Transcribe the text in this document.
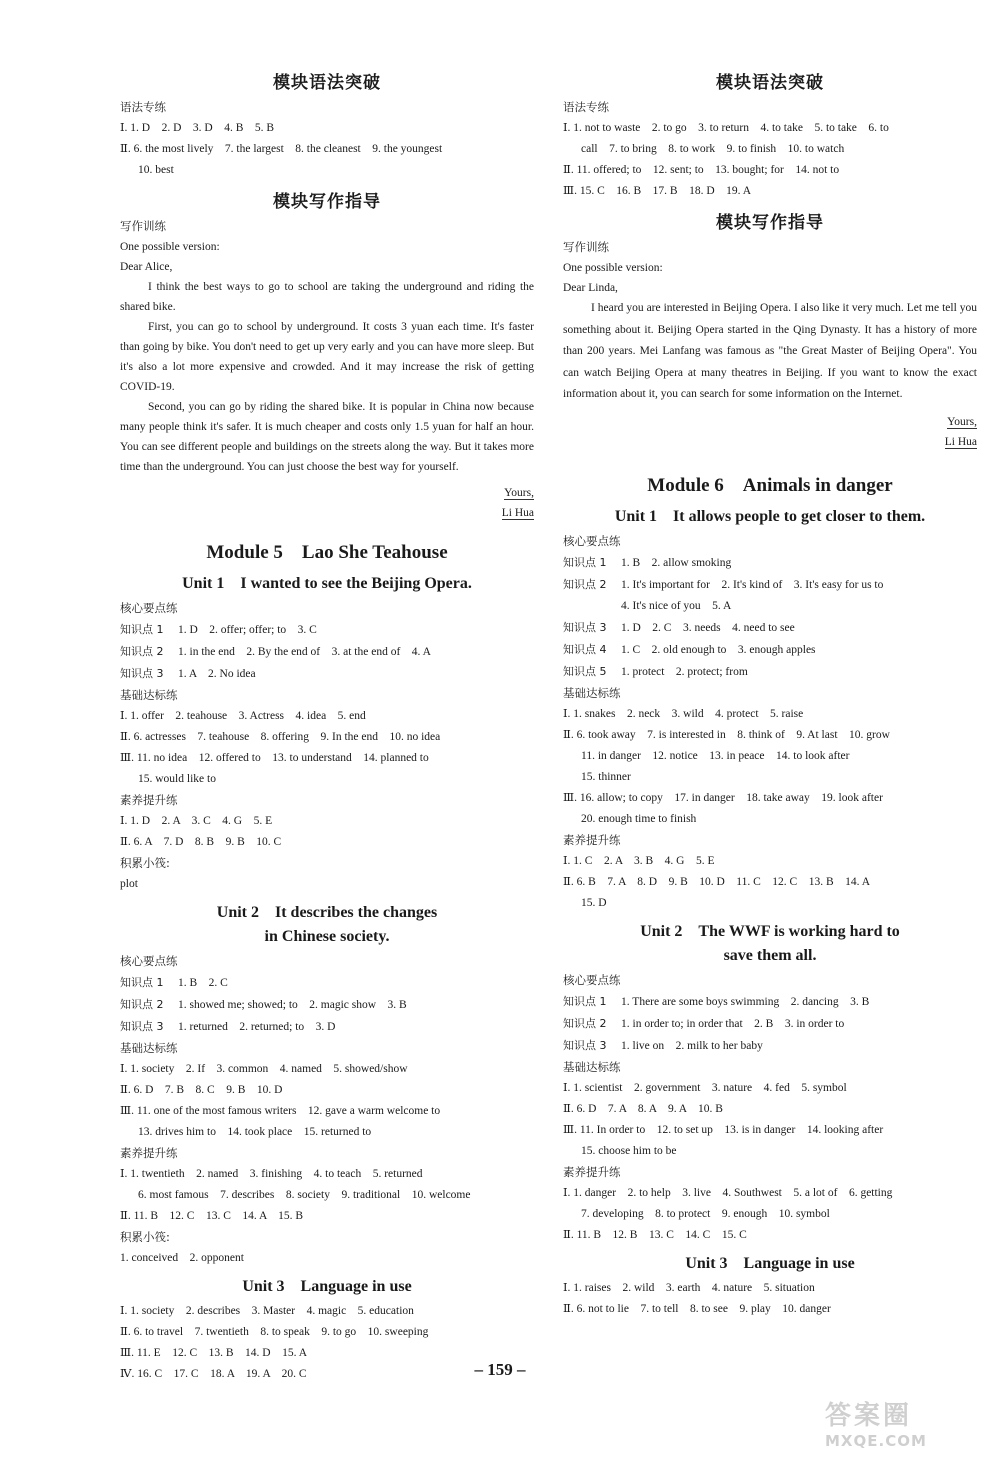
模块语法突破
语法专练
Ⅰ. 1. D　2. D　3. D　4. B　5. B
Ⅱ. 6. the most lively　7. the largest　8. the cleanest　9. the youngest
10. best
模块写作指导
写作训练

One possible version:

Dear Alice,

I think the best ways to go to school are taking the underground and riding the shared bike.

First, you can go to school by underground. It costs 3 yuan each time. It's faster than going by bike. You don't need to get up very early and you can have more sleep. But it's also a lot more expensive and crowded. And it may increase the risk of getting COVID-19.

Second, you can go by riding the shared bike. It is popular in China now because many people think it's safer. It is much cheaper and costs only 1.5 yuan for half an hour. You can see different people and buildings on the streets along the way. But it takes more time than the underground. You can just choose the best way for yourself.

Yours,
Li Hua
Module 5　Lao She Teahouse
Unit 1　I wanted to see the Beijing Opera.
核心要点练
知识点 1 1. D　2. offer; offer; to　3. C
知识点 2 1. in the end　2. By the end of　3. at the end of　4. A
知识点 3 1. A　2. No idea
基础达标练
Ⅰ. 1. offer　2. teahouse　3. Actress　4. idea　5. end
Ⅱ. 6. actresses　7. teahouse　8. offering　9. In the end　10. no idea
Ⅲ. 11. no idea　12. offered to　13. to understand　14. planned to
15. would like to
素养提升练
Ⅰ. 1. D　2. A　3. C　4. G　5. E
Ⅱ. 6. A　7. D　8. B　9. B　10. C
积累小筏:
plot
Unit 2　It describes the changes
in Chinese society.
核心要点练
知识点 1 1. B　2. C
知识点 2 1. showed me; showed; to　2. magic show　3. B
知识点 3 1. returned　2. returned; to　3. D
基础达标练
Ⅰ. 1. society　2. If　3. common　4. named　5. showed/show
Ⅱ. 6. D　7. B　8. C　9. B　10. D
Ⅲ. 11. one of the most famous writers　12. gave a warm welcome to
13. drives him to　14. took place　15. returned to
素养提升练
Ⅰ. 1. twentieth　2. named　3. finishing　4. to teach　5. returned
6. most famous　7. describes　8. society　9. traditional　10. welcome
Ⅱ. 11. B　12. C　13. C　14. A　15. B
积累小筏:
1. conceived　2. opponent
Unit 3　Language in use
Ⅰ. 1. society　2. describes　3. Master　4. magic　5. education
Ⅱ. 6. to travel　7. twentieth　8. to speak　9. to go　10. sweeping
Ⅲ. 11. E　12. C　13. B　14. D　15. A
Ⅳ. 16. C　17. C　18. A　19. A　20. C
模块语法突破
语法专练
Ⅰ. 1. not to waste　2. to go　3. to return　4. to take　5. to take　6. to
call　7. to bring　8. to work　9. to finish　10. to watch
Ⅱ. 11. offered; to　12. sent; to　13. bought; for　14. not to
Ⅲ. 15. C　16. B　17. B　18. D　19. A
模块写作指导
写作训练

One possible version:

Dear Linda,

I heard you are interested in Beijing Opera. I also like it very much. Let me tell you something about it. Beijing Opera started in the Qing Dynasty. It has a history of more than 200 years. Mei Lanfang was famous as "the Great Master of Beijing Opera". You can watch Beijing Opera at many theatres in Beijing. If you want to know the exact information about it, you can search for some information on the Internet.

Yours,
Li Hua
Module 6　Animals in danger
Unit 1　It allows people to get closer to them.
核心要点练
知识点 1 1. B　2. allow smoking
知识点 2 1. It's important for　2. It's kind of　3. It's easy for us to
4. It's nice of you　5. A
知识点 3 1. D　2. C　3. needs　4. need to see
知识点 4 1. C　2. old enough to　3. enough apples
知识点 5 1. protect　2. protect; from
基础达标练
Ⅰ. 1. snakes　2. neck　3. wild　4. protect　5. raise
Ⅱ. 6. took away　7. is interested in　8. think of　9. At last　10. grow
11. in danger　12. notice　13. in peace　14. to look after
15. thinner
Ⅲ. 16. allow; to copy　17. in danger　18. take away　19. look after
20. enough time to finish
素养提升练
Ⅰ. 1. C　2. A　3. B　4. G　5. E
Ⅱ. 6. B　7. A　8. D　9. B　10. D　11. C　12. C　13. B　14. A
15. D
Unit 2　The WWF is working hard to
save them all.
核心要点练
知识点 1 1. There are some boys swimming　2. dancing　3. B
知识点 2 1. in order to; in order that　2. B　3. in order to
知识点 3 1. live on　2. milk to her baby
基础达标练
Ⅰ. 1. scientist　2. government　3. nature　4. fed　5. symbol
Ⅱ. 6. D　7. A　8. A　9. A　10. B
Ⅲ. 11. In order to　12. to set up　13. is in danger　14. looking after
15. choose him to be
素养提升练
Ⅰ. 1. danger　2. to help　3. live　4. Southwest　5. a lot of　6. getting
7. developing　8. to protect　9. enough　10. symbol
Ⅱ. 11. B　12. B　13. C　14. C　15. C
Unit 3　Language in use
Ⅰ. 1. raises　2. wild　3. earth　4. nature　5. situation
Ⅱ. 6. not to lie　7. to tell　8. to see　9. play　10. danger
– 159 –
答案圈
MXQE.COM
